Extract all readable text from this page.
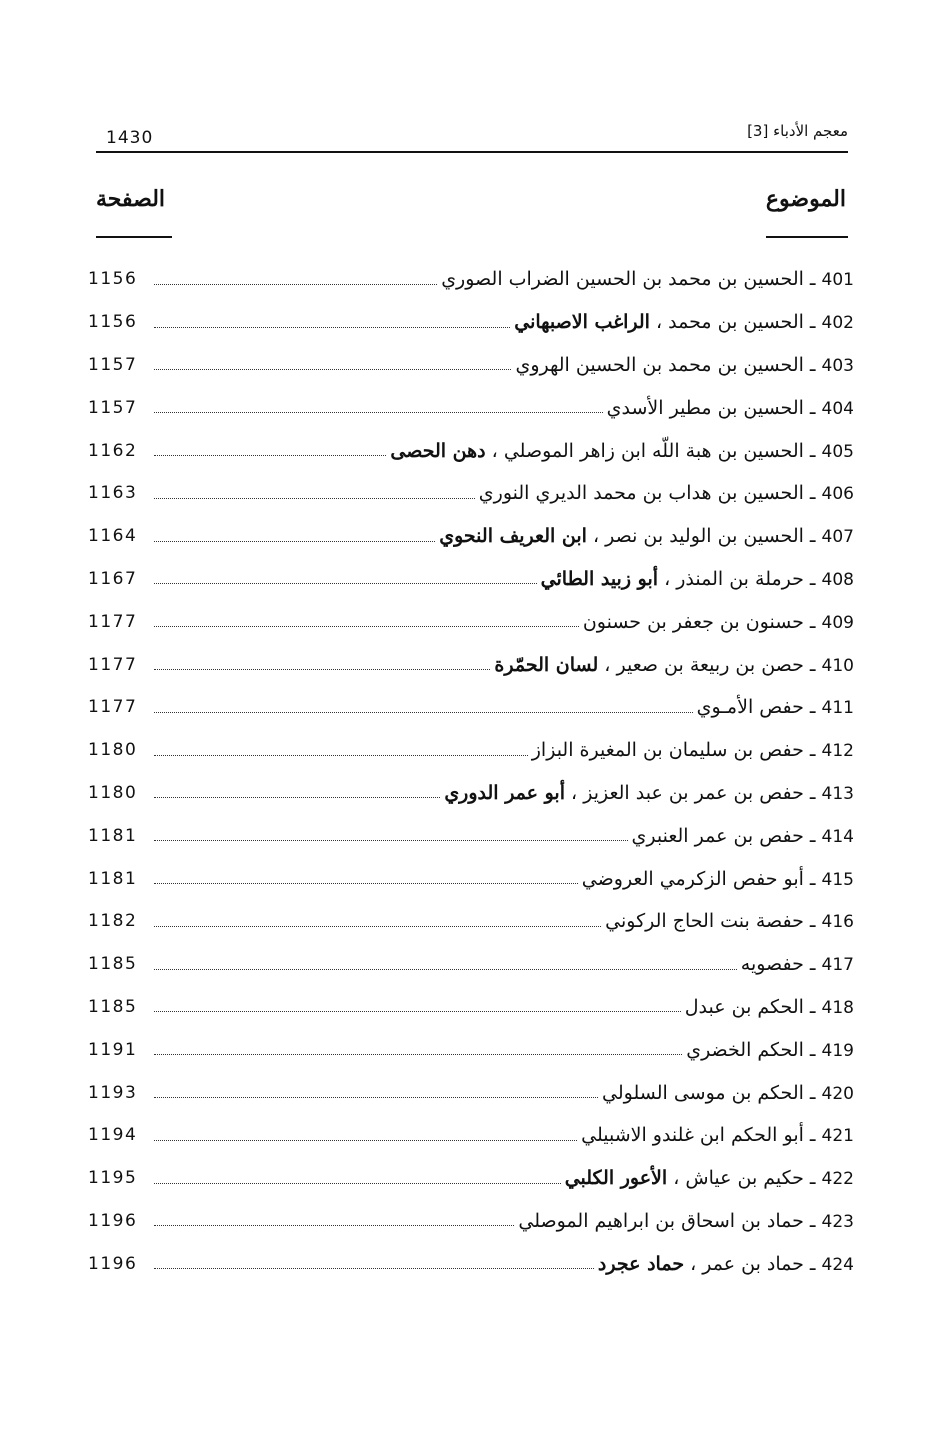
1430	معجم الأدباء [3]
الموضوع
الصفحة
401 ـ الحسين بن محمد بن الحسين الضراب الصوري
1156
402 ـ الحسين بن محمد ، الراغب الاصبهاني
1156
403 ـ الحسين بن محمد بن الحسين الهروي
1157
404 ـ الحسين بن مطير الأسدي
1157
405 ـ الحسين بن هبة اللّه ابن زاهر الموصلي ، دهن الحصى
1162
406 ـ الحسين بن هداب بن محمد الديري النوري
1163
407 ـ الحسين بن الوليد بن نصر ، ابن العريف النحوي
1164
408 ـ حرملة بن المنذر ، أبو زبيد الطائي
1167
409 ـ حسنون بن جعفر بن حسنون
1177
410 ـ حصن بن ربيعة بن صعير ، لسان الحمّرة
1177
411 ـ حفص الأمـوي
1177
412 ـ حفص بن سليمان بن المغيرة البزاز
1180
413 ـ حفص بن عمر بن عبد العزيز ، أبو عمر الدوري
1180
414 ـ حفص بن عمر العنبري
1181
415 ـ أبو حفص الزكرمي العروضي
1181
416 ـ حفصة بنت الحاج الركوني
1182
417 ـ حفصويه
1185
418 ـ الحكم بن عبدل
1185
419 ـ الحكم الخضري
1191
420 ـ الحكم بن موسى السلولي
1193
421 ـ أبو الحكم ابن غلندو الاشبيلي
1194
422 ـ حكيم بن عياش ، الأعور الكلبي
1195
423 ـ حماد بن اسحاق بن ابراهيم الموصلي
1196
424 ـ حماد بن عمر ، حماد عجرد
1196
